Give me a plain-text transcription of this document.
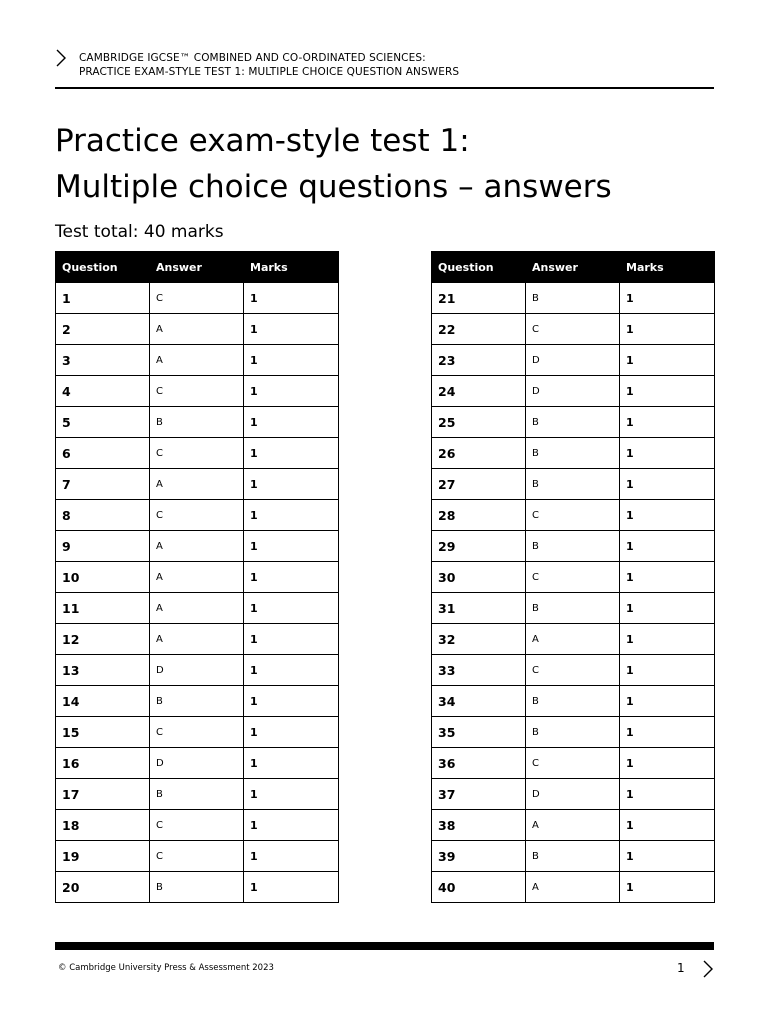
CAMBRIDGE IGCSE™ COMBINED AND CO-ORDINATED SCIENCES:
PRACTICE EXAM-STYLE TEST 1: MULTIPLE CHOICE QUESTION ANSWERS
Practice exam-style test 1:
Multiple choice questions – answers
Test total: 40 marks
Question	Answer	Marks
1	C	1
2	A	1
3	A	1
4	C	1
5	B	1
6	C	1
7	A	1
8	C	1
9	A	1
10	A	1
11	A	1
12	A	1
13	D	1
14	B	1
15	C	1
16	D	1
17	B	1
18	C	1
19	C	1
20	B	1
Question	Answer	Marks
21	B	1
22	C	1
23	D	1
24	D	1
25	B	1
26	B	1
27	B	1
28	C	1
29	B	1
30	C	1
31	B	1
32	A	1
33	C	1
34	B	1
35	B	1
36	C	1
37	D	1
38	A	1
39	B	1
40	A	1
© Cambridge University Press & Assessment 2023	1
